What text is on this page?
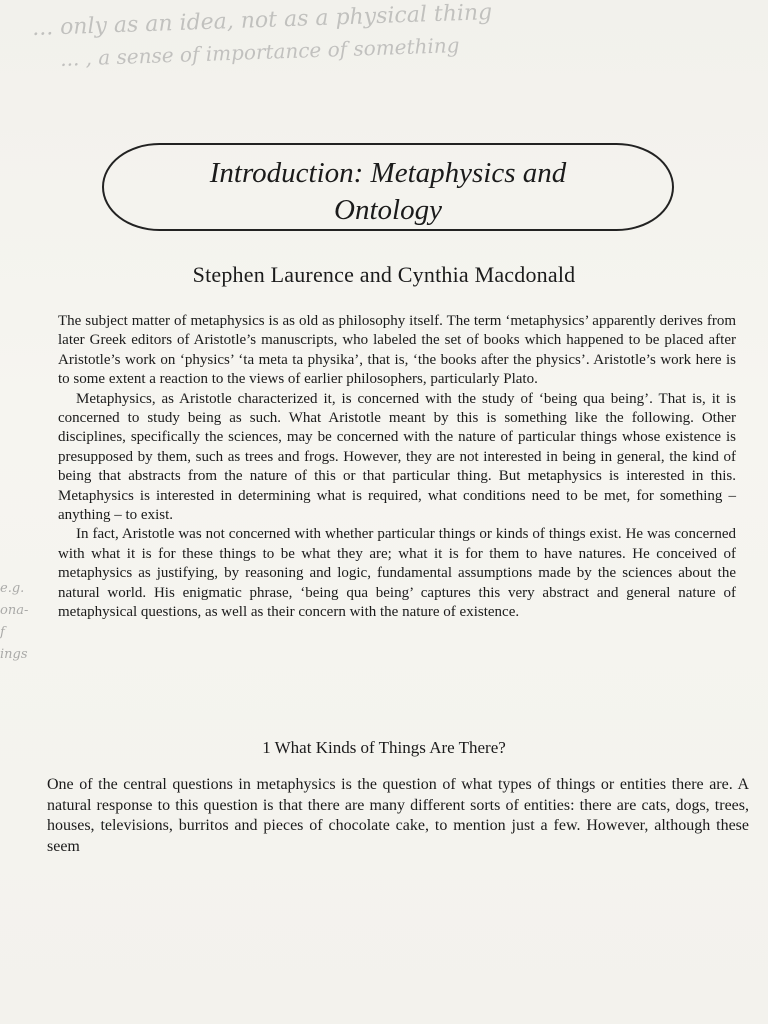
... only as an idea, not as a physical thing
... , a sense of importance of something
Introduction: Metaphysics and
Ontology
Stephen Laurence and Cynthia Macdonald

The subject matter of metaphysics is as old as philosophy itself. The term ‘metaphysics’ apparently derives from later Greek editors of Aristotle’s manuscripts, who labeled the set of books which happened to be placed after Aristotle’s work on ‘physics’ ‘ta meta ta physika’, that is, ‘the books after the physics’. Aristotle’s work here is to some extent a reaction to the views of earlier philosophers, particularly Plato.

Metaphysics, as Aristotle characterized it, is concerned with the study of ‘being qua being’. That is, it is concerned to study being as such. What Aristotle meant by this is something like the following. Other disciplines, specifically the sciences, may be concerned with the nature of particular things whose existence is presupposed by them, such as trees and frogs. However, they are not interested in being in general, the kind of being that abstracts from the nature of this or that particular thing. But metaphysics is interested in this. Metaphysics is interested in determining what is required, what conditions need to be met, for something – anything – to exist.

In fact, Aristotle was not concerned with whether particular things or kinds of things exist. He was concerned with what it is for these things to be what they are; what it is for them to have natures. He conceived of metaphysics as justifying, by reasoning and logic, fundamental assumptions made by the sciences about the natural world. His enigmatic phrase, ‘being qua being’ captures this very abstract and general nature of metaphysical questions, as well as their concern with the nature of existence.

e.g.
ona-
f
ings
1 What Kinds of Things Are There?

One of the central questions in metaphysics is the question of what types of things or entities there are. A natural response to this question is that there are many different sorts of entities: there are cats, dogs, trees, houses, televisions, burritos and pieces of chocolate cake, to mention just a few. However, although these seem
